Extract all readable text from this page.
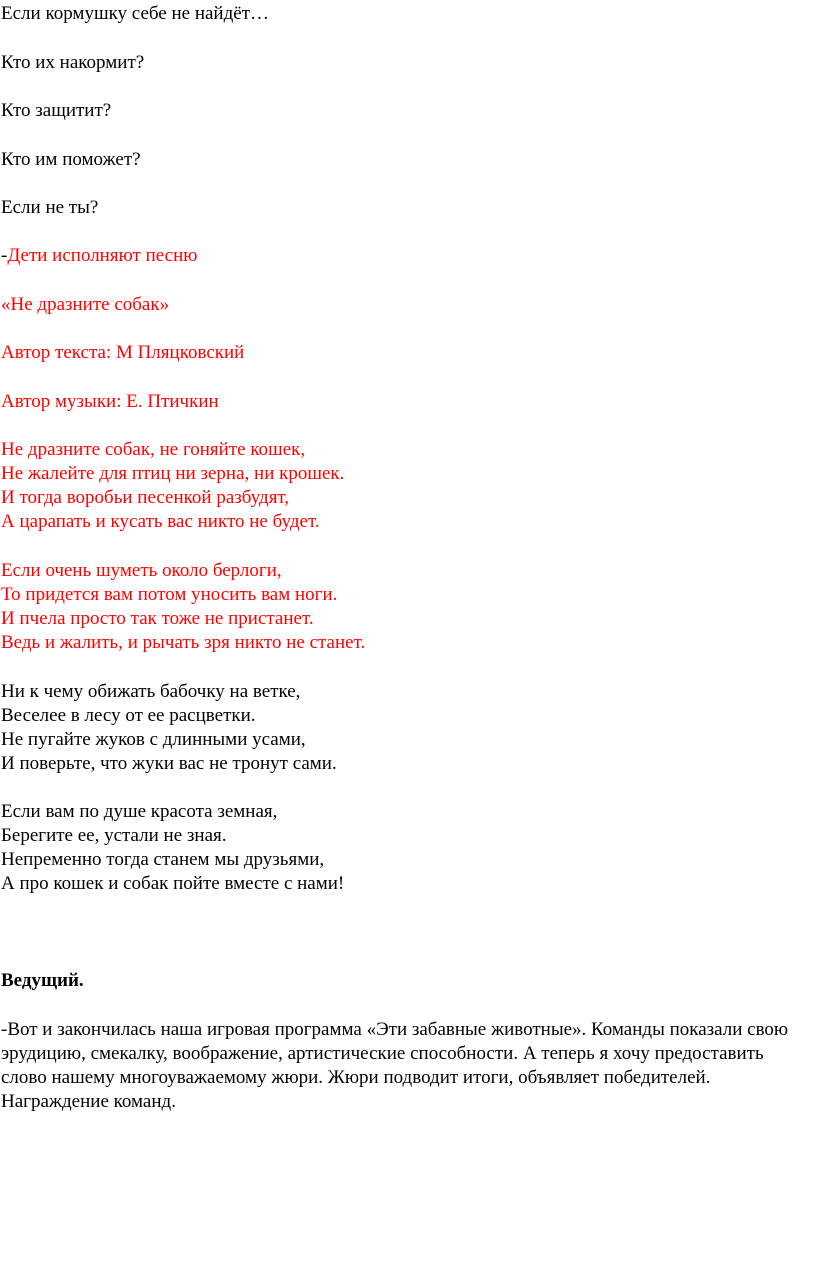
Если кормушку себе не найдёт…
Кто их накормит?
Кто защитит?
Кто им поможет?
Если не ты?
-Дети исполняют песню
«Не дразните собак»
Автор текста: М Пляцковский
Автор музыки: Е. Птичкин
Не дразните собак, не гоняйте кошек,
Не жалейте для птиц ни зерна, ни крошек.
И тогда воробьи песенкой разбудят,
А царапать и кусать вас никто не будет.
Если очень шуметь около берлоги,
То придется вам потом уносить вам ноги.
И пчела просто так тоже не пристанет.
Ведь и жалить, и рычать зря никто не станет.
Ни к чему обижать бабочку на ветке,
Веселее в лесу от ее расцветки.
Не пугайте жуков с длинными усами,
И поверьте, что жуки вас не тронут сами.
Если вам по душе красота земная,
Берегите ее, устали не зная.
Непременно тогда станем мы друзьями,
А про кошек и собак пойте вместе с нами!
Ведущий.
-Вот и закончилась наша игровая программа «Эти забавные животные». Команды показали свою эрудицию, смекалку, воображение, артистические способности. А теперь я хочу предоставить слово нашему многоуважаемому жюри. Жюри подводит итоги, объявляет победителей. Награждение команд.
